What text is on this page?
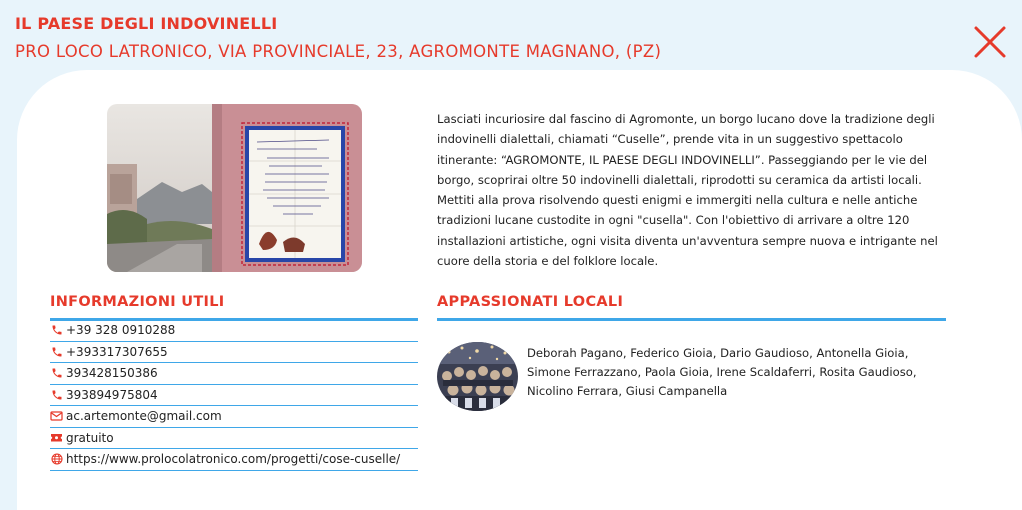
IL PAESE DEGLI INDOVINELLI

PRO LOCO LATRONICO, VIA PROVINCIALE, 23, AGROMONTE MAGNANO, (PZ)

Lasciati incuriosire dal fascino di Agromonte, un borgo lucano dove la tradizione degli indovinelli dialettali, chiamati “Cuselle”, prende vita in un suggestivo spettacolo itinerante: “AGROMONTE, IL PAESE DEGLI INDOVINELLI”. Passeggiando per le vie del borgo, scoprirai oltre 50 indovinelli dialettali, riprodotti su ceramica da artisti locali. Mettiti alla prova risolvendo questi enigmi e immergiti nella cultura e nelle antiche tradizioni lucane custodite in ogni "cusella". Con l'obiettivo di arrivare a oltre 120 installazioni artistiche, ogni visita diventa un'avventura sempre nuova e intrigante nel cuore della storia e del folklore locale.

INFORMAZIONI UTILI
+39 328 0910288
+393317307655
393428150386
393894975804
ac.artemonte@gmail.com
gratuito
https://www.prolocolatronico.com/progetti/cose-cuselle/
APPASSIONATI LOCALI

Deborah Pagano, Federico Gioia, Dario Gaudioso, Antonella Gioia, Simone Ferrazzano, Paola Gioia, Irene Scaldaferri, Rosita Gaudioso, Nicolino Ferrara, Giusi Campanella
